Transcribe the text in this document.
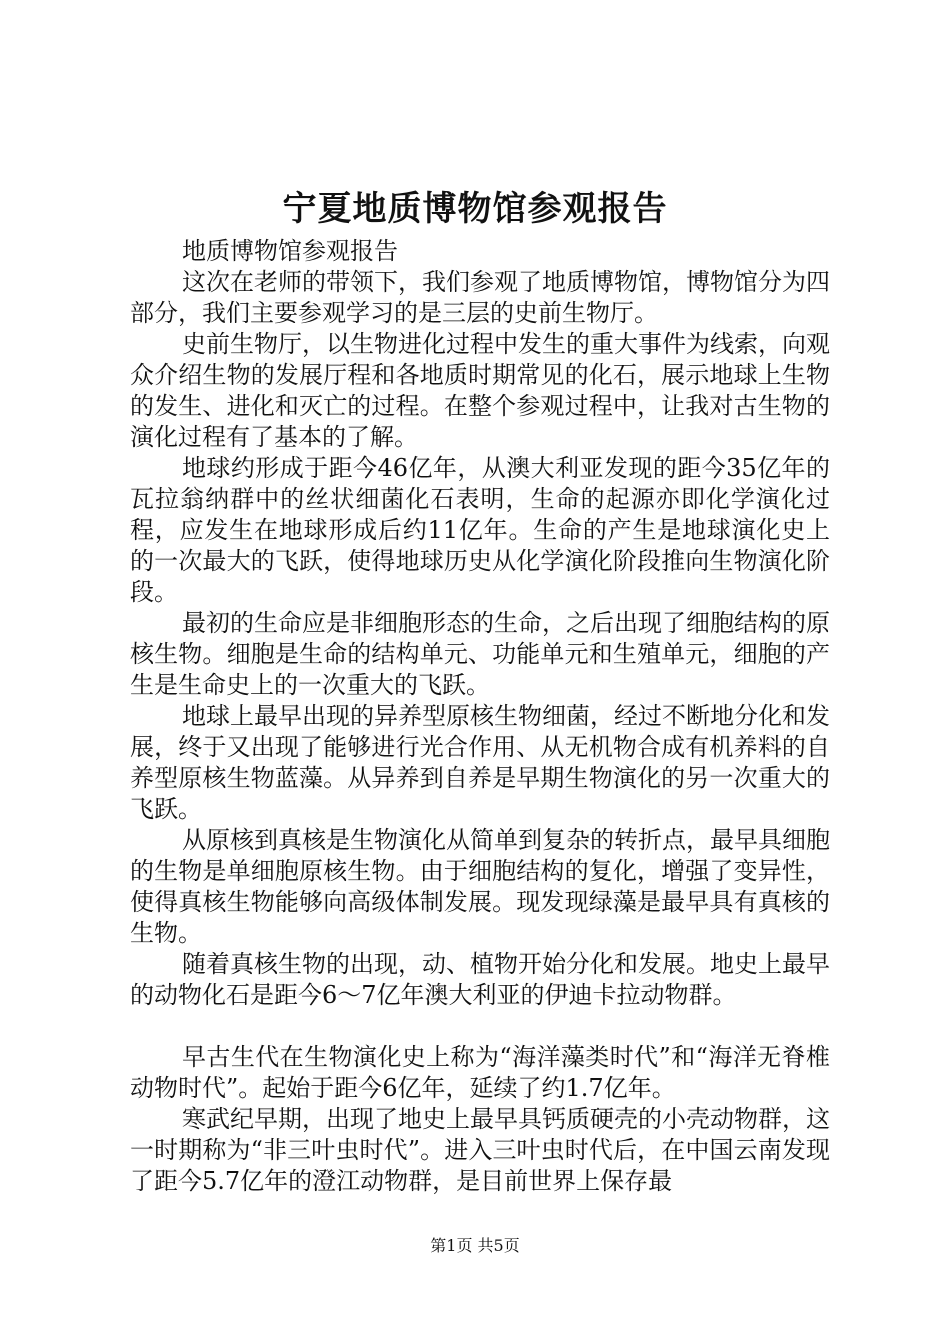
宁夏地质博物馆参观报告

地质博物馆参观报告

这次在老师的带领下，我们参观了地质博物馆，博物馆分为四部分，我们主要参观学习的是三层的史前生物厅。

史前生物厅，以生物进化过程中发生的重大事件为线索，向观众介绍生物的发展厅程和各地质时期常见的化石，展示地球上生物的发生、进化和灭亡的过程。在整个参观过程中，让我对古生物的演化过程有了基本的了解。

地球约形成于距今46亿年，从澳大利亚发现的距今35亿年的瓦拉翁纳群中的丝状细菌化石表明，生命的起源亦即化学演化过程，应发生在地球形成后约11亿年。生命的产生是地球演化史上的一次最大的飞跃，使得地球历史从化学演化阶段推向生物演化阶段。

最初的生命应是非细胞形态的生命，之后出现了细胞结构的原核生物。细胞是生命的结构单元、功能单元和生殖单元，细胞的产生是生命史上的一次重大的飞跃。

地球上最早出现的异养型原核生物细菌，经过不断地分化和发展，终于又出现了能够进行光合作用、从无机物合成有机养料的自养型原核生物蓝藻。从异养到自养是早期生物演化的另一次重大的飞跃。

从原核到真核是生物演化从简单到复杂的转折点，最早具细胞的生物是单细胞原核生物。由于细胞结构的复化，增强了变异性，使得真核生物能够向高级体制发展。现发现绿藻是最早具有真核的生物。

随着真核生物的出现，动、植物开始分化和发展。地史上最早的动物化石是距今6～7亿年澳大利亚的伊迪卡拉动物群。

早古生代在生物演化史上称为“海洋藻类时代”和“海洋无脊椎动物时代”。起始于距今6亿年，延续了约1.7亿年。

寒武纪早期，出现了地史上最早具钙质硬壳的小壳动物群，这一时期称为“非三叶虫时代”。进入三叶虫时代后，在中国云南发现了距今5.7亿年的澄江动物群，是目前世界上保存最

第1页 共5页
